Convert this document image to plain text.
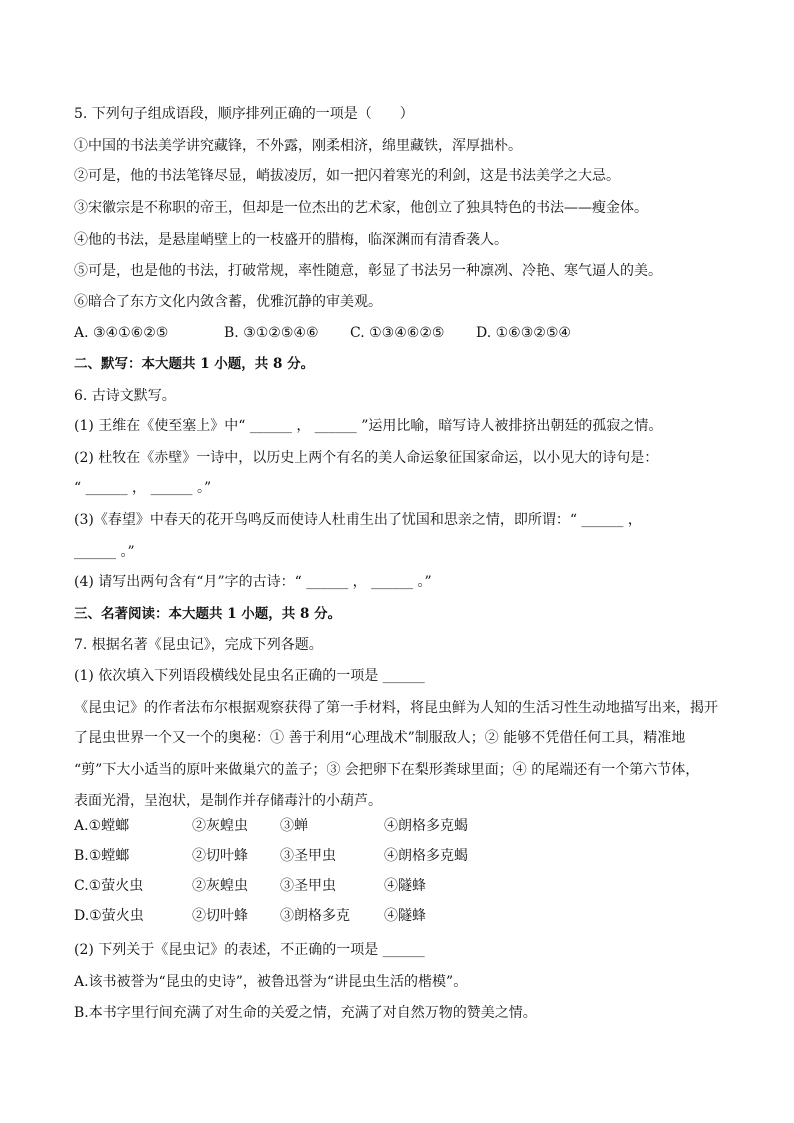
5. 下列句子组成语段，顺序排列正确的一项是（　　）
①中国的书法美学讲究藏锋，不外露，刚柔相济，绵里藏铁，浑厚拙朴。
②可是，他的书法笔锋尽显，峭拔凌厉，如一把闪着寒光的利剑，这是书法美学之大忌。
③宋徽宗是不称职的帝王，但却是一位杰出的艺术家，他创立了独具特色的书法——瘦金体。
④他的书法，是悬崖峭壁上的一枝盛开的腊梅，临深渊而有清香袭人。
⑤可是，也是他的书法，打破常规，率性随意，彰显了书法另一种凛冽、冷艳、寒气逼人的美。
⑥暗合了东方文化内敛含蓄，优雅沉静的审美观。
A. ③④①⑥②⑤	B. ③①②⑤④⑥ C. ①③④⑥②⑤ D. ①⑥③②⑤④
二、默写：本大题共 1 小题，共 8 分。
6. 古诗文默写。
(1) 王维在《使至塞上》中“ ______ ， ______ ”运用比喻，暗写诗人被排挤出朝廷的孤寂之情。
(2) 杜牧在《赤壁》一诗中，以历史上两个有名的美人命运象征国家命运，以小见大的诗句是：
“ ______ ， ______ 。”
(3)《春望》中春天的花开鸟鸣反而使诗人杜甫生出了忧国和思亲之情，即所谓：“ ______ ，
______ 。”
(4) 请写出两句含有“月”字的古诗：“ ______ ， ______ 。”
三、名著阅读：本大题共 1 小题，共 8 分。
7. 根据名著《昆虫记》，完成下列各题。
(1) 依次填入下列语段横线处昆虫名正确的一项是 ______
《昆虫记》的作者法布尔根据观察获得了第一手材料，将昆虫鲜为人知的生活习性生动地描写出来，揭开
了昆虫世界一个又一个的奥秘：① 善于利用“心理战术”制服敌人；② 能够不凭借任何工具，精准地
“剪”下大小适当的原叶来做巢穴的盖子；③ 会把卵下在梨形粪球里面；④ 的尾端还有一个第六节体，
表面光滑，呈泡状，是制作并存储毒汁的小葫芦。
A.①螳螂	②灰蝗虫	③蝉	④朗格多克蝎
B.①螳螂	②切叶蜂	③圣甲虫	④朗格多克蝎
C.①萤火虫	②灰蝗虫	③圣甲虫	④隧蜂
D.①萤火虫	②切叶蜂	③朗格多克	④隧蜂
(2) 下列关于《昆虫记》的表述，不正确的一项是 ______
A.该书被誉为“昆虫的史诗”，被鲁迅誉为“讲昆虫生活的楷模”。
B.本书字里行间充满了对生命的关爱之情，充满了对自然万物的赞美之情。
